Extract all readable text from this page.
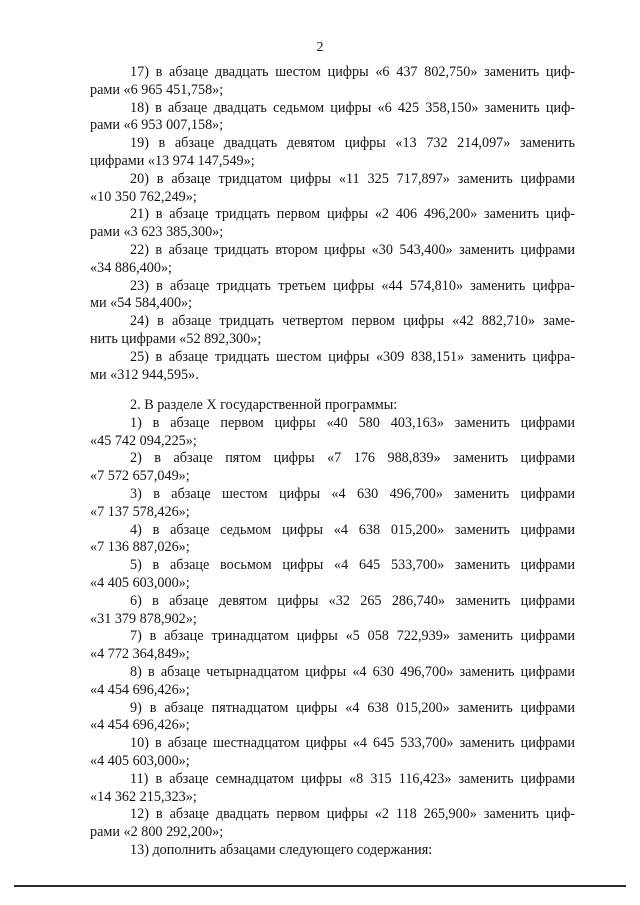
2

17) в абзаце двадцать шестом цифры «6 437 802,750» заменить циф-
рами «6 965 451,758»;

18) в абзаце двадцать седьмом цифры «6 425 358,150» заменить циф-
рами «6 953 007,158»;

19) в абзаце двадцать девятом цифры «13 732 214,097» заменить
цифрами «13 974 147,549»;

20) в абзаце тридцатом цифры «11 325 717,897» заменить цифрами
«10 350 762,249»;

21) в абзаце тридцать первом цифры «2 406 496,200» заменить циф-
рами «3 623 385,300»;

22) в абзаце тридцать втором цифры «30 543,400» заменить цифрами
«34 886,400»;

23) в абзаце тридцать третьем цифры «44 574,810» заменить цифра-
ми «54 584,400»;

24) в абзаце тридцать четвертом первом цифры «42 882,710» заме-
нить цифрами «52 892,300»;

25) в абзаце тридцать шестом цифры «309 838,151» заменить цифра-
ми «312 944,595».

2. В разделе X государственной программы:

1) в абзаце первом цифры «40 580 403,163» заменить цифрами
«45 742 094,225»;

2) в абзаце пятом цифры «7 176 988,839» заменить цифрами
«7 572 657,049»;

3) в абзаце шестом цифры «4 630 496,700» заменить цифрами
«7 137 578,426»;

4) в абзаце седьмом цифры «4 638 015,200» заменить цифрами
«7 136 887,026»;

5) в абзаце восьмом цифры «4 645 533,700» заменить цифрами
«4 405 603,000»;

6) в абзаце девятом цифры «32 265 286,740» заменить цифрами
«31 379 878,902»;

7) в абзаце тринадцатом цифры «5 058 722,939» заменить цифрами
«4 772 364,849»;

8) в абзаце четырнадцатом цифры «4 630 496,700» заменить цифрами
«4 454 696,426»;

9) в абзаце пятнадцатом цифры «4 638 015,200» заменить цифрами
«4 454 696,426»;

10) в абзаце шестнадцатом цифры «4 645 533,700» заменить цифрами
«4 405 603,000»;

11) в абзаце семнадцатом цифры «8 315 116,423» заменить цифрами
«14 362 215,323»;

12) в абзаце двадцать первом цифры «2 118 265,900» заменить циф-
рами «2 800 292,200»;

13) дополнить абзацами следующего содержания:
